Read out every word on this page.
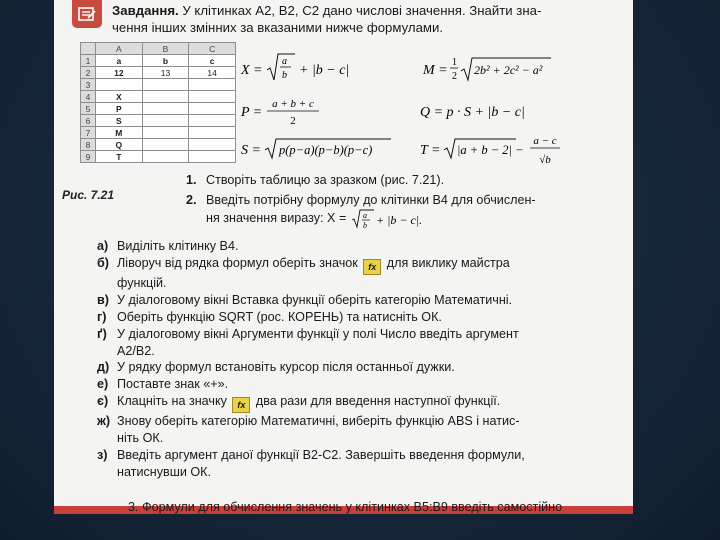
Завдання. У клітинках А2, В2, С2 дано числові значення. Знайти зна-
чення інших змінних за вказаними нижче формулами.
	A	B	C
1	a	b	c
2	12	13	14
3			
4	X		
5	P		
6	S		
7	M		
8	Q		
9	T		
Рис. 7.21
X =
a
b + |b − c|	M =
1
2 2b² + 2c² − a²
P =
a + b + c
2
Q = p · S + |b − c|
S = p(p−a)(p−b)(p−c)	T = |a + b − 2| −
a − c
√b
1. Створіть таблицю за зразком (рис. 7.21).
2. Введіть потрібну формулу до клітинки В4 для обчислен-
ня значення виразу: X = a
b + |b − c|.
а) Виділіть клітинку В4.
б) Ліворуч від рядка формул оберіть значок fx для виклику майстра
функцій.
в) У діалоговому вікні Вставка функції оберіть категорію Математичні.
г) Оберіть функцію SQRT (рос. КОРЕНЬ) та натисніть ОК.
ґ) У діалоговому вікні Аргументи функції у полі Число введіть аргумент
А2/В2.
д) У рядку формул встановіть курсор після останньої дужки.
е) Поставте знак «+».
є) Клацніть на значку fx два рази для введення наступної функції.
ж) Знову оберіть категорію Математичні, виберіть функцію ABS і натис-
ніть ОК.
з) Введіть аргумент даної функції В2-С2. Завершіть введення формули,
натиснувши ОК.
3. Формули для обчислення значень у клітинках В5:В9 введіть самостійно
